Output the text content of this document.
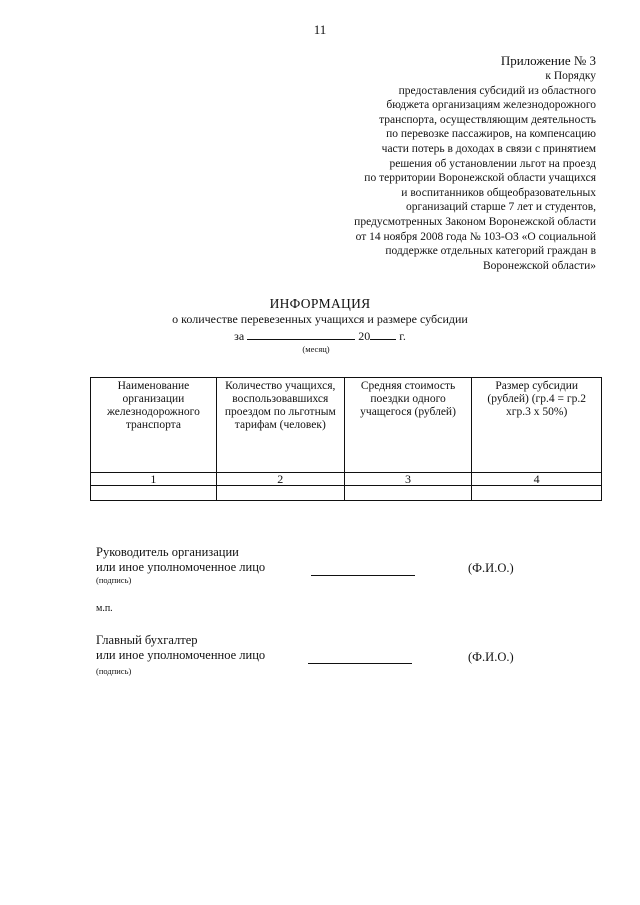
11
Приложение № 3
к Порядку
предоставления субсидий из областного
бюджета организациям железнодорожного
транспорта, осуществляющим деятельность
по перевозке пассажиров, на компенсацию
части потерь в доходах в связи с принятием
решения об установлении льгот на проезд
по территории Воронежской области учащихся
и воспитанников общеобразовательных
организаций старше 7 лет и студентов,
предусмотренных Законом Воронежской области
от 14 ноября 2008 года № 103-ОЗ «О социальной
поддержке отдельных категорий граждан в
Воронежской области»
ИНФОРМАЦИЯ
о количестве перевезенных учащихся и размере субсидии
за	20 г.
(месяц)
Наименование организации железнодорожного транспорта	Количество учащихся, воспользовавшихся проездом по льготным тарифам (человек)	Средняя стоимость поездки одного учащегося (рублей)	Размер субсидии (рублей) (гр.4 = гр.2 хгр.3 х 50%)
1	2	3	4

Руководитель организации
или иное уполномоченное лицо
(подпись)
(Ф.И.О.)
м.п.
Главный бухгалтер
или иное уполномоченное лицо
(подпись)
(Ф.И.О.)
